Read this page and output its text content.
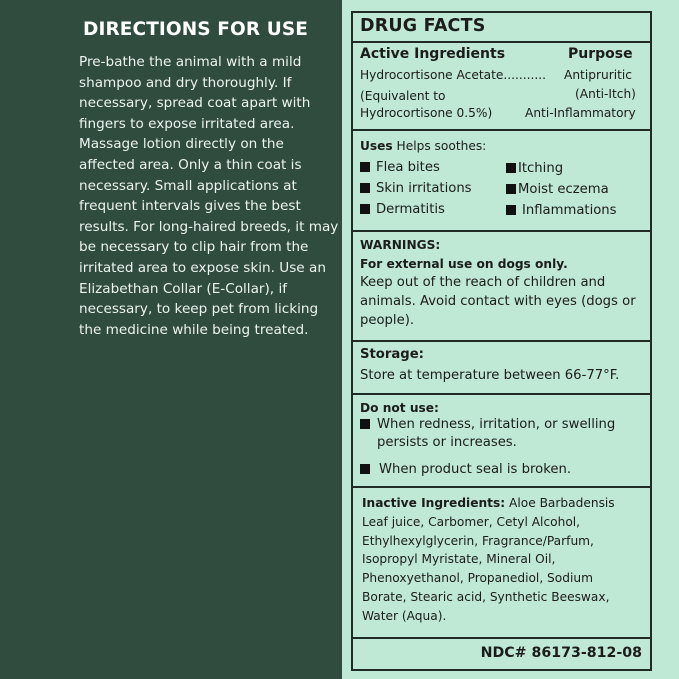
DIRECTIONS FOR USE

Pre-bathe the animal with a mild shampoo and dry thoroughly. If necessary, spread coat apart with fingers to expose irritated area. Massage lotion directly on the affected area. Only a thin coat is necessary. Small applications at frequent intervals gives the best results. For long-haired breeds, it may be necessary to clip hair from the irritated area to expose skin. Use an Elizabethan Collar (E-Collar), if necessary, to keep pet from licking the medicine while being treated.

DRUG FACTS
Active Ingredients	Purpose
Hydrocortisone Acetate........... Antipruritic
(Equivalent to	(Anti-Itch)
Hydrocortisone 0.5%)	Anti-Inflammatory
Uses Helps soothes:
Flea bites	Itching
Skin irritations	Moist eczema
Dermatitis	Inflammations
WARNINGS:
For external use on dogs only.
Keep out of the reach of children and
animals. Avoid contact with eyes (dogs or
people).
Storage:
Store at temperature between 66-77°F.
Do not use:
When redness, irritation, or swelling
persists or increases.
When product seal is broken.
Inactive Ingredients: Aloe Barbadensis
Leaf juice, Carbomer, Cetyl Alcohol,
Ethylhexylglycerin, Fragrance/Parfum,
Isopropyl Myristate, Mineral Oil,
Phenoxyethanol, Propanediol, Sodium
Borate, Stearic acid, Synthetic Beeswax,
Water (Aqua).
NDC# 86173-812-08
